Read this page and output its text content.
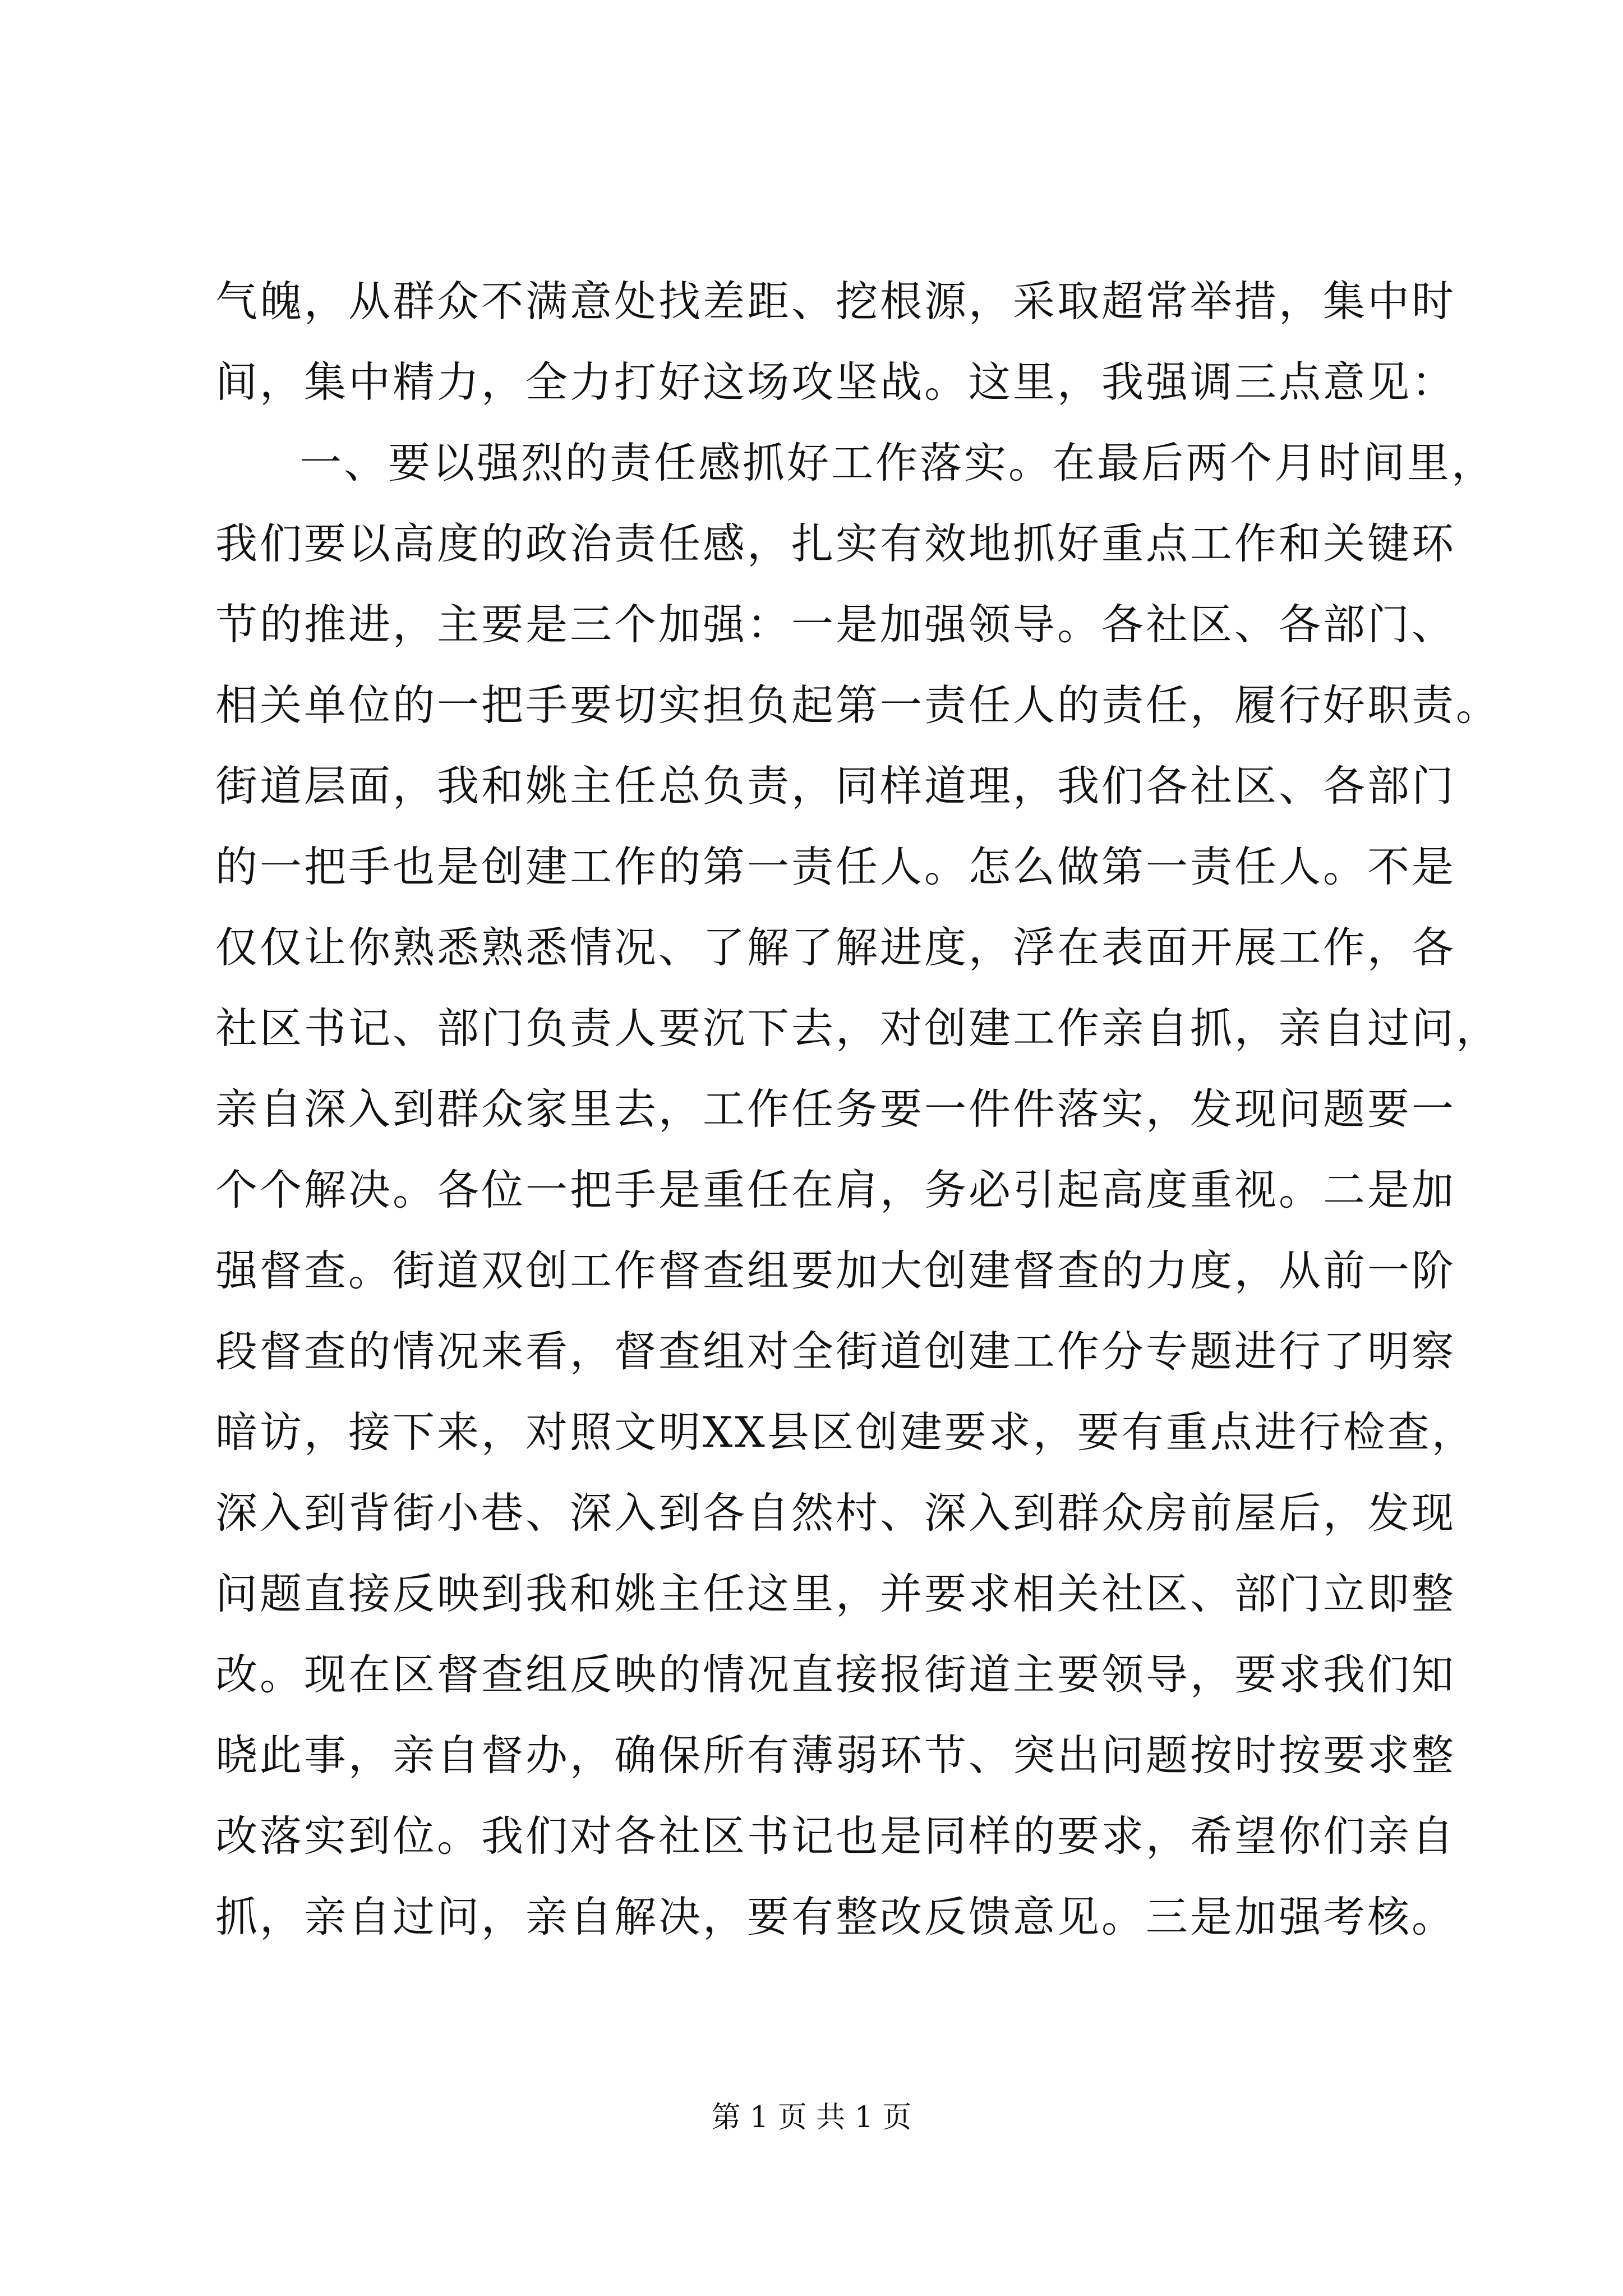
气魄，从群众不满意处找差距、挖根源，采取超常举措，集中时
间，集中精力，全力打好这场攻坚战。这里，我强调三点意见：
一、要以强烈的责任感抓好工作落实。在最后两个月时间里，
我们要以高度的政治责任感，扎实有效地抓好重点工作和关键环
节的推进，主要是三个加强：一是加强领导。各社区、各部门、
相关单位的一把手要切实担负起第一责任人的责任，履行好职责。
街道层面，我和姚主任总负责，同样道理，我们各社区、各部门
的一把手也是创建工作的第一责任人。怎么做第一责任人。不是
仅仅让你熟悉熟悉情况、了解了解进度，浮在表面开展工作，各
社区书记、部门负责人要沉下去，对创建工作亲自抓，亲自过问，
亲自深入到群众家里去，工作任务要一件件落实，发现问题要一
个个解决。各位一把手是重任在肩，务必引起高度重视。二是加
强督查。街道双创工作督查组要加大创建督查的力度，从前一阶
段督查的情况来看，督查组对全街道创建工作分专题进行了明察
暗访，接下来，对照文明XX县区创建要求，要有重点进行检查，
深入到背街小巷、深入到各自然村、深入到群众房前屋后，发现
问题直接反映到我和姚主任这里，并要求相关社区、部门立即整
改。现在区督查组反映的情况直接报街道主要领导，要求我们知
晓此事，亲自督办，确保所有薄弱环节、突出问题按时按要求整
改落实到位。我们对各社区书记也是同样的要求，希望你们亲自
抓，亲自过问，亲自解决，要有整改反馈意见。三是加强考核。
第 1 页 共 1 页
